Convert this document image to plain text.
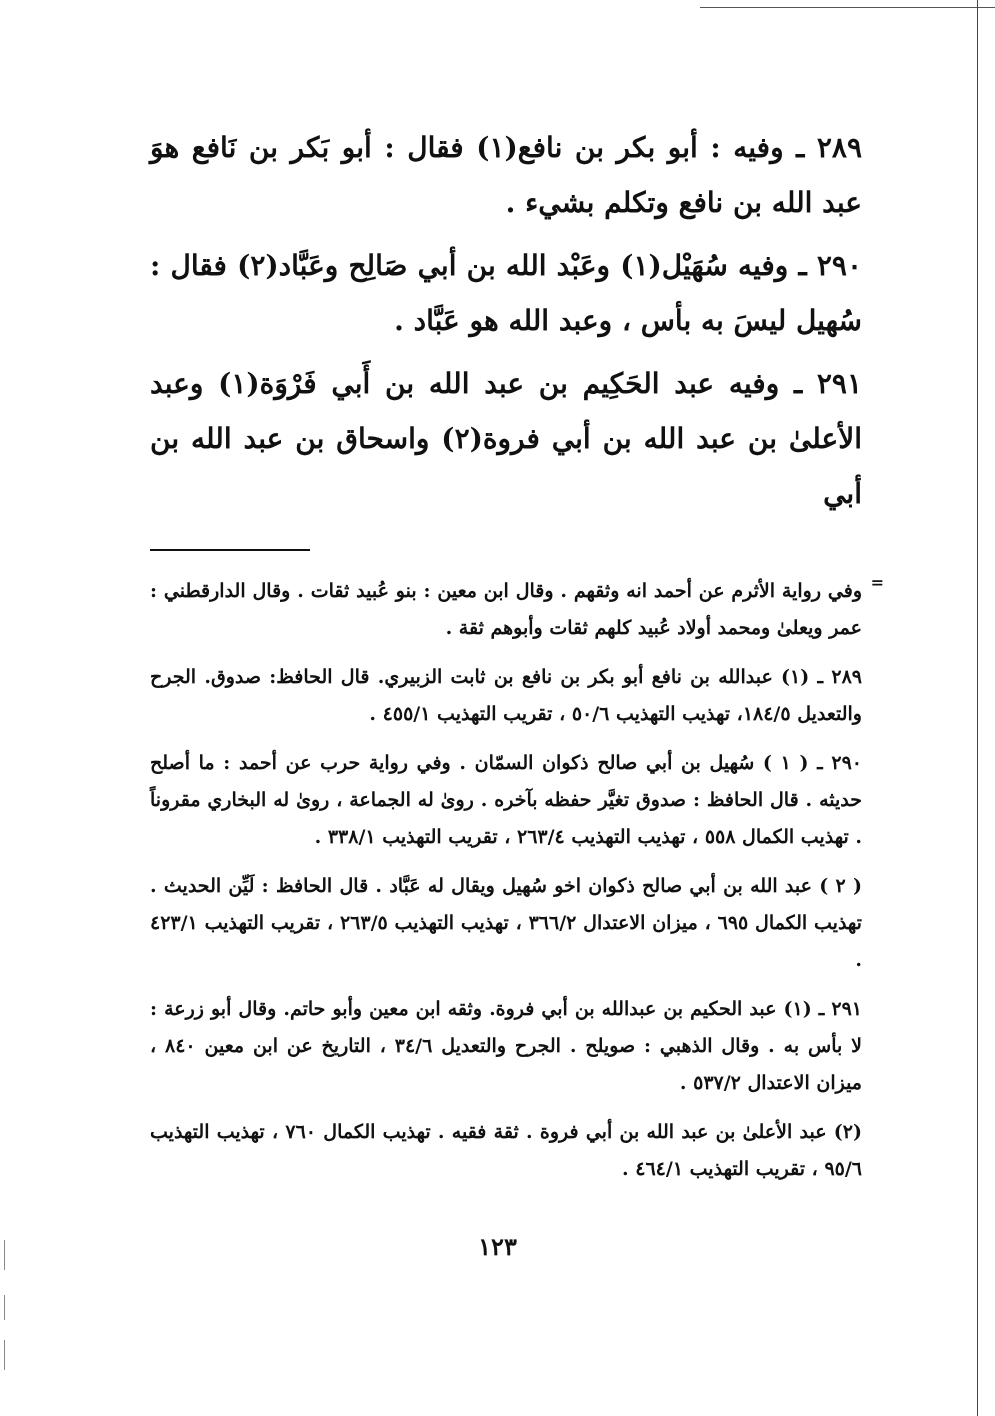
٢٨٩ ـ وفيه : أبو بكر بن نافع(١) فقال : أبو بَكر بن نَافع هوَ عبد الله بن نافع وتكلم بشيء .

٢٩٠ ـ وفيه سُهَيْل(١) وعَبْد الله بن أبي صَالِح وعَبَّاد(٢) فقال : سُهيل ليسَ به بأس ، وعبد الله هو عَبَّاد .

٢٩١ ـ وفيه عبد الحَكِيم بن عبد الله بن أَبي فَرْوَة(١) وعبد الأعلىٰ بن عبد الله بن أبي فروة(٢) واسحاق بن عبد الله بن أبي

=

وفي رواية الأثرم عن أحمد انه وثقهم . وقال ابن معين : بنو عُبيد ثقات . وقال الدارقطني : عمر ويعلىٰ ومحمد أولاد عُبيد كلهم ثقات وأبوهم ثقة .

٢٨٩ ـ (١) عبدالله بن نافع أبو بكر بن نافع بن ثابت الزبيري. قال الحافظ: صدوق. الجرح والتعديل ١٨٤/٥، تهذيب التهذيب ٥٠/٦ ، تقريب التهذيب ٤٥٥/١ .

٢٩٠ ـ ( ١ ) سُهيل بن أبي صالح ذكوان السمّان . وفي رواية حرب عن أحمد : ما أصلح حديثه . قال الحافظ : صدوق تغيَّر حفظه بآخره . روىٰ له الجماعة ، روىٰ له البخاري مقروناً . تهذيب الكمال ٥٥٨ ، تهذيب التهذيب ٢٦٣/٤ ، تقريب التهذيب ٣٣٨/١ .

( ٢ ) عبد الله بن أبي صالح ذكوان اخو سُهيل ويقال له عَبَّاد . قال الحافظ : لَيِّن الحديث . تهذيب الكمال ٦٩٥ ، ميزان الاعتدال ٣٦٦/٢ ، تهذيب التهذيب ٢٦٣/٥ ، تقريب التهذيب ٤٢٣/١ .

٢٩١ ـ (١) عبد الحكيم بن عبدالله بن أبي فروة. وثقه ابن معين وأبو حاتم. وقال أبو زرعة : لا بأس به . وقال الذهبي : صويلح . الجرح والتعديل ٣٤/٦ ، التاريخ عن ابن معين ٨٤٠ ، ميزان الاعتدال ٥٣٧/٢ .

(٢) عبد الأعلىٰ بن عبد الله بن أبي فروة . ثقة فقيه . تهذيب الكمال ٧٦٠ ، تهذيب التهذيب ٩٥/٦ ، تقريب التهذيب ٤٦٤/١ .

١٢٣
